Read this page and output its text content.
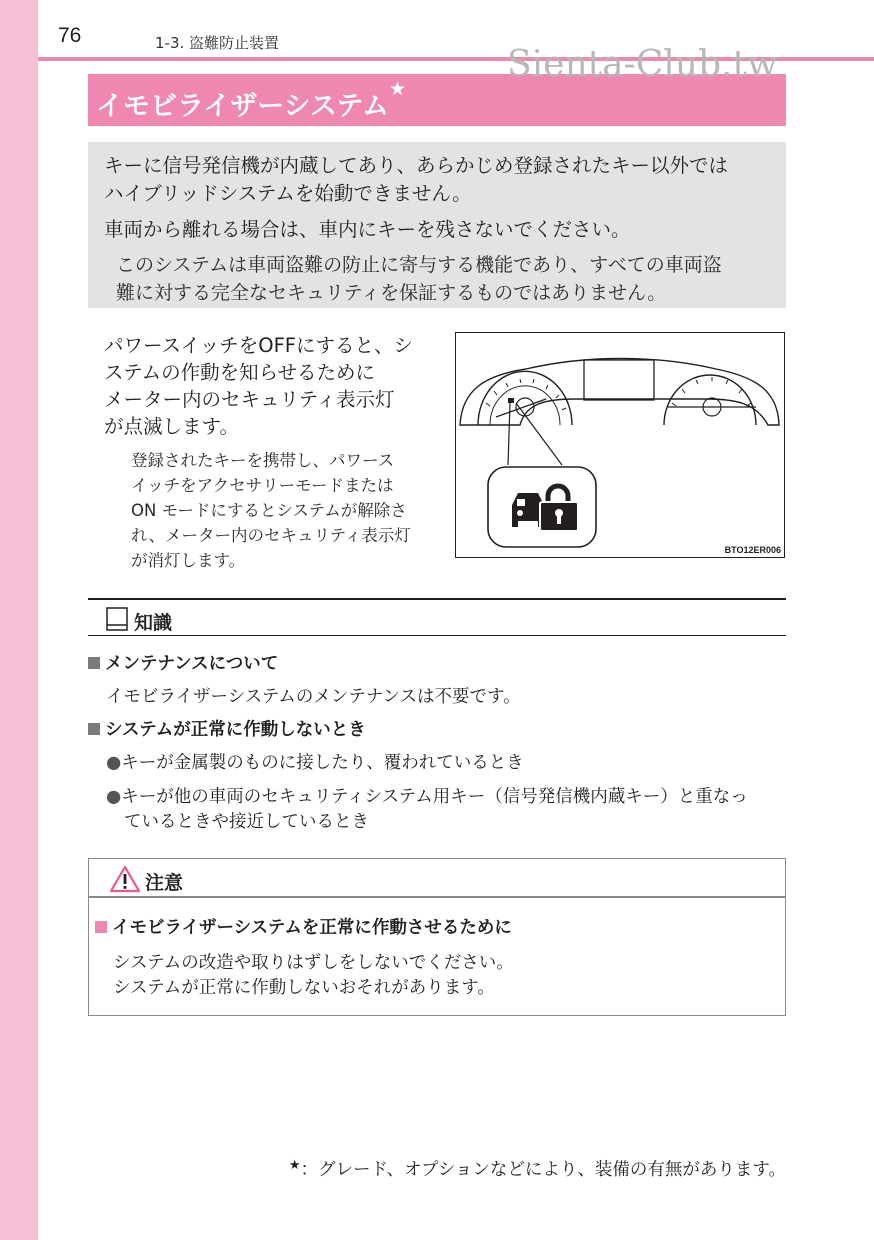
76	1-3. 盗難防止装置
イモビライザーシステム★
Sienta-Club.tw
キーに信号発信機が内蔵してあり、あらかじめ登録されたキー以外では
ハイブリッドシステムを始動できません。
車両から離れる場合は、車内にキーを残さないでください。
このシステムは車両盗難の防止に寄与する機能であり、すべての車両盗
難に対する完全なセキュリティを保証するものではありません。
パワースイッチをOFFにすると、シ
ステムの作動を知らせるために
メーター内のセキュリティ表示灯
が点滅します。
登録されたキーを携帯し、パワース
イッチをアクセサリーモードまたは
ON モードにするとシステムが解除さ
れ、メーター内のセキュリティ表示灯
が消灯します。
BTO12ER006
知識
メンテナンスについて
イモビライザーシステムのメンテナンスは不要です。
システムが正常に作動しないとき
●キーが金属製のものに接したり、覆われているとき
●キーが他の車両のセキュリティシステム用キー（信号発信機内蔵キー）と重なっ
ているときや接近しているとき
注意
イモビライザーシステムを正常に作動させるために
システムの改造や取りはずしをしないでください。
システムが正常に作動しないおそれがあります。
★：グレード、オプションなどにより、装備の有無があります。
